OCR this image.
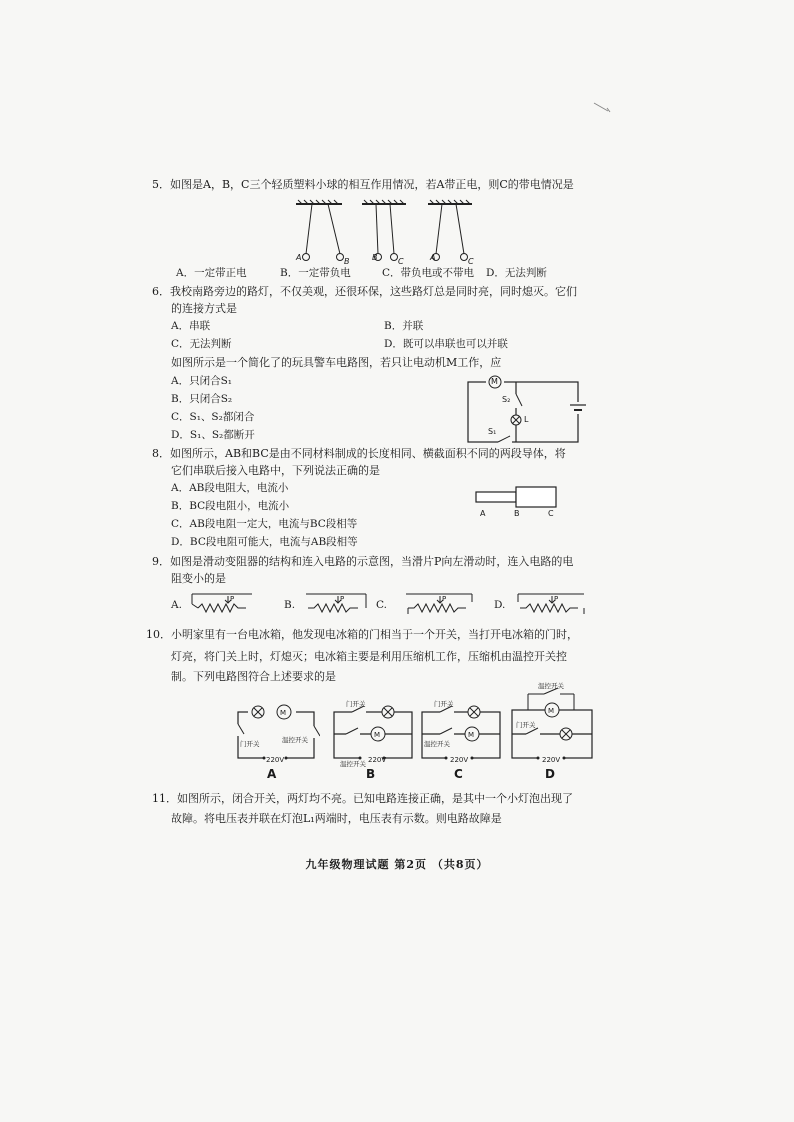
5．如图是A，B，C三个轻质塑料小球的相互作用情况，若A带正电，则C的带电情况是
A	B	B	C	A	C
A．一定带正电	B．一定带负电	C．带负电或不带电 D．无法判断
6．我校南路旁边的路灯，不仅美观，还很环保，这些路灯总是同时亮，同时熄灭。它们
的连接方式是
A．串联	B．并联
C．无法判断	D．既可以串联也可以并联
如图所示是一个简化了的玩具警车电路图，若只让电动机M工作，应
A．只闭合S₁
B．只闭合S₂
C．S₁、S₂都闭合
D．S₁、S₂都断开
M
S₂
L
S₁
8．如图所示，AB和BC是由不同材料制成的长度相同、横截面积不同的两段导体，将
它们串联后接入电路中，下列说法正确的是
A．AB段电阻大，电流小
B．BC段电阻小，电流小
C．AB段电阻一定大，电流与BC段相等
D．BC段电阻可能大，电流与AB段相等
A	B	C
9．如图是滑动变阻器的结构和连入电路的示意图，当滑片P向左滑动时，连入电路的电
阻变小的是
A.	B.	C.	D.
P	P	P	P
10．小明家里有一台电冰箱，他发现电冰箱的门相当于一个开关，当打开电冰箱的门时，
灯亮，将门关上时，灯熄灭；电冰箱主要是利用压缩机工作，压缩机由温控开关控
制。下列电路图符合上述要求的是
M
门开关	温控开关
220V
门开关
M
温控开关 220V
门开关
温控开关
M
220V
温控开关
M
门开关
220V
A	B	C	D
11．如图所示，闭合开关，两灯均不亮。已知电路连接正确，是其中一个小灯泡出现了
故障。将电压表并联在灯泡L₁两端时，电压表有示数。则电路故障是
九年级物理试题 第2页 （共8页）
